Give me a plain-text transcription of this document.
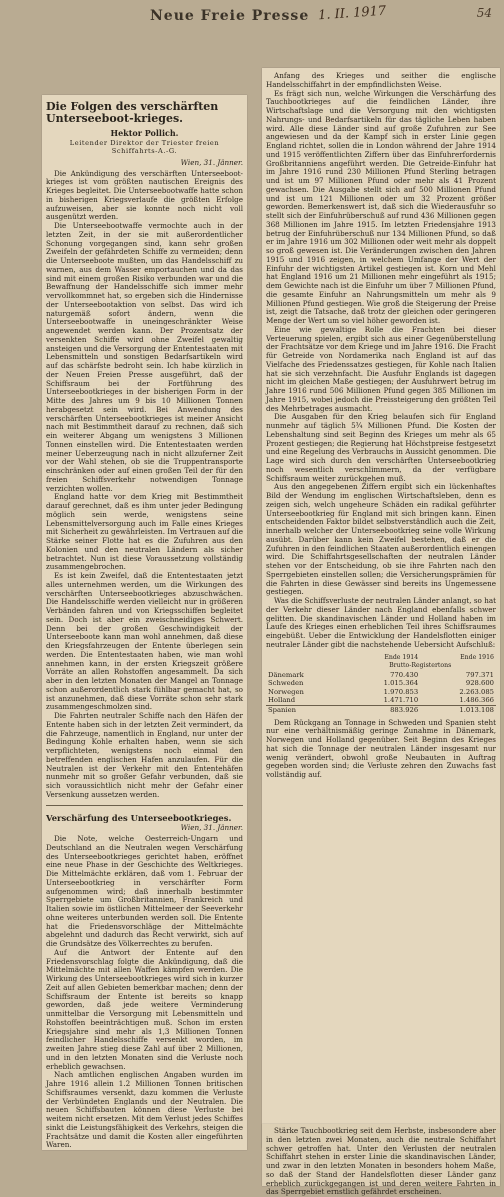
Neue Freie Presse 1. II. 1917	54
Die Folgen des verschärften Unterseeboot-krieges.
Hektor Pollich.
Leitender Direktor der Triester freien Schiffahrts-A.-G.
Wien, 31. Jänner.

Die Ankündigung des verschärften Unterseeboot-krieges ist vom größten nautischen Ereignis des Krieges begleitet. Die Unterseebootwaffe hatte schon in bisherigen Kriegsverlaufe die größten Erfolge aufzuweisen, aber sie konnte noch nicht voll ausgenützt werden.

Die Unterseebootwaffe vermochte auch in der letzten Zeit, in der sie mit außerordentlicher Schonung vorgegangen sind, kann sehr großen Zweifeln der gefährdeten Schiffe zu vermeiden; denn die Unterseeboote mußten, um das Handelsschiff zu warnen, aus dem Wasser emportauchen und da das sind mit einem großen Risiko verbunden war und die Bewaffnung der Handelsschiffe sich immer mehr vervollkommnet hat, so ergeben sich die Hindernisse der Unterseebootaktion von selbst. Das wird ich naturgemäß sofort ändern, wenn die Unterseebootwaffe in uneingeschränkter Weise angewendet werden kann. Der Prozentsatz der versenkten Schiffe wird ohne Zweifel gewaltig ansteigen und die Versorgung der Ententestaaten mit Lebensmitteln und sonstigen Bedarfsartikeln wird auf das schärfste bedroht sein. Ich habe kürzlich in der Neuen Freien Presse ausgeführt, daß der Schiffsraum bei der Fortführung des Unterseebootkrieges in der bisherigen Form in der Mitte des Jahres um 9 bis 10 Millionen Tonnen herabgesetzt sein wird. Bei Anwendung des verschärften Unterseebootkrieges ist meiner Ansicht nach mit Bestimmtheit darauf zu rechnen, daß sich ein weiterer Abgang um wenigstens 3 Millionen Tonnen einstellen wird. Die Ententestaaten werden meiner Ueberzeugung nach in nicht allzuferner Zeit vor der Wahl stehen, ob sie die Truppentransporte einschränken oder auf einen großen Teil der für den freien Schiffsverkehr notwendigen Tonnage verzichten wollen.

England hatte vor dem Krieg mit Bestimmtheit darauf gerechnet, daß es ihm unter jeder Bedingung möglich sein werde, wenigstens seine Lebensmittelversorgung auch im Falle eines Krieges mit Sicherheit zu gewährleisten. Im Vertrauen auf die Stärke seiner Flotte hat es die Zufuhren aus den Kolonien und den neutralen Ländern als sicher betrachtet. Nun ist diese Voraussetzung vollständig zusammengebrochen.

Es ist kein Zweifel, daß die Ententestaaten jetzt alles unternehmen werden, um die Wirkungen des verschärften Unterseebootkrieges abzuschwächen. Die Handelsschiffe werden vielleicht nur in größeren Verbänden fahren und von Kriegsschiffen begleitet sein. Doch ist aber ein zweischneidiges Schwert. Denn bei der großen Geschwindigkeit der Unterseeboote kann man wohl annehmen, daß diese den Kriegsfahrzeugen der Entente überlegen sein werden. Die Ententestaaten haben, wie man wohl annehmen kann, in der ersten Kriegszeit größere Vorräte an allen Rohstoffen angesammelt. Da sich aber in den letzten Monaten der Mangel an Tonnage schon außerordentlich stark fühlbar gemacht hat, so ist anzunehmen, daß diese Vorräte schon sehr stark zusammengeschmolzen sind.

Die Fahrten neutraler Schiffe nach den Häfen der Entente haben sich in der letzten Zeit vermindert, da die Fahrzeuge, namentlich in England, nur unter der Bedingung Kohle erhalten haben, wenn sie sich verpflichteten, wenigstens noch einmal den betreffenden englischen Hafen anzulaufen. Für die Neutralen ist der Verkehr mit den Ententehäfen nunmehr mit so großer Gefahr verbunden, daß sie sich voraussichtlich nicht mehr der Gefahr einer Versenkung aussetzen werden.

Verschärfung des Unterseebootkrieges.
Wien, 31. Jänner.

Die Note, welche Oesterreich-Ungarn und Deutschland an die Neutralen wegen Verschärfung des Unterseebootkrieges gerichtet haben, eröffnet eine neue Phase in der Geschichte des Weltkrieges. Die Mittelmächte erklären, daß vom 1. Februar der Unterseebootkrieg in verschärfter Form aufgenommen wird; daß innerhalb bestimmter Sperrgebiete um Großbritannien, Frankreich und Italien sowie im östlichen Mittelmeer der Seeverkehr ohne weiteres unterbunden werden soll. Die Entente hat die Friedensvorschläge der Mittelmächte abgelehnt und dadurch das Recht verwirkt, sich auf die Grundsätze des Völkerrechtes zu berufen.

Auf die Antwort der Entente auf den Friedensvorschlag folgte die Ankündigung, daß die Mittelmächte mit allen Waffen kämpfen werden. Die Wirkung des Unterseebootkrieges wird sich in kurzer Zeit auf allen Gebieten bemerkbar machen; denn der Schiffsraum der Entente ist bereits so knapp geworden, daß jede weitere Verminderung unmittelbar die Versorgung mit Lebensmitteln und Rohstoffen beeinträchtigen muß. Schon im ersten Kriegsjahre sind mehr als 1,3 Millionen Tonnen feindlicher Handelsschiffe versenkt worden, im zweiten Jahre stieg diese Zahl auf über 2 Millionen, und in den letzten Monaten sind die Verluste noch erheblich gewachsen.

Nach amtlichen englischen Angaben wurden im Jahre 1916 allein 1.2 Millionen Tonnen britischen Schiffsraumes versenkt, dazu kommen die Verluste der Verbündeten Englands und der Neutralen. Die neuen Schiffsbauten können diese Verluste bei weitem nicht ersetzen. Mit dem Verlust jedes Schiffes sinkt die Leistungsfähigkeit des Verkehrs, steigen die Frachtsätze und damit die Kosten aller eingeführten Waren.

Anfang des Krieges und seither die englische Handelsschiffahrt in der empfindlichsten Weise.

Es frägt sich nun, welche Wirkungen die Verschärfung des Tauchbootkrieges auf die feindlichen Länder, ihre Wirtschaftslage und die Versorgung mit den wichtigsten Nahrungs- und Bedarfsartikeln für das tägliche Leben haben wird. Alle diese Länder sind auf große Zufuhren zur See angewiesen und da der Kampf sich in erster Linie gegen England richtet, sollen die in London während der Jahre 1914 und 1915 veröffentlichten Ziffern über das Einfuhrerfordernis Großbritanniens angeführt werden. Die Getreide-Einfuhr hat im Jahre 1916 rund 230 Millionen Pfund Sterling betragen und ist um 97 Millionen Pfund oder mehr als 41 Prozent gewachsen. Die Ausgabe stellt sich auf 500 Millionen Pfund und ist um 121 Millionen oder um 32 Prozent größer geworden. Bemerkenswert ist, daß sich die Wiederausfuhr so stellt sich der Einfuhrüberschuß auf rund 436 Millionen gegen 368 Millionen im Jahre 1915. Im letzten Friedensjahre 1913 betrug der Einfuhrüberschuß nur 134 Millionen Pfund, so daß er im Jahre 1916 um 302 Millionen oder weit mehr als doppelt so groß gewesen ist. Die Veränderungen zwischen den Jahren 1915 und 1916 zeigen, in welchem Umfange der Wert der Einfuhr der wichtigsten Artikel gestiegen ist. Korn und Mehl hat England 1916 um 21 Millionen mehr eingeführt als 1915; dem Gewichte nach ist die Einfuhr um über 7 Millionen Pfund, die gesamte Einfuhr an Nahrungsmitteln um mehr als 9 Millionen Pfund gestiegen. Wie groß die Steigerung der Preise ist, zeigt die Tatsache, daß trotz der gleichen oder geringeren Menge der Wert um so viel höher geworden ist.

Eine wie gewaltige Rolle die Frachten bei dieser Verteuerung spielen, ergibt sich aus einer Gegenüberstellung der Frachtsätze vor dem Kriege und im Jahre 1916. Die Fracht für Getreide von Nordamerika nach England ist auf das Vielfache des Friedenssatzes gestiegen, für Kohle nach Italien hat sie sich verzehnfacht. Die Ausfuhr Englands ist dagegen nicht im gleichen Maße gestiegen; der Ausfuhrwert betrug im Jahre 1916 rund 506 Millionen Pfund gegen 385 Millionen im Jahre 1915, wobei jedoch die Preissteigerung den größten Teil des Mehrbetrages ausmacht.

Die Ausgaben für den Krieg belaufen sich für England nunmehr auf täglich 5¾ Millionen Pfund. Die Kosten der Lebenshaltung sind seit Beginn des Krieges um mehr als 65 Prozent gestiegen; die Regierung hat Höchstpreise festgesetzt und eine Regelung des Verbrauchs in Aussicht genommen. Die Lage wird sich durch den verschärften Unterseebootkrieg noch wesentlich verschlimmern, da der verfügbare Schiffsraum weiter zurückgehen muß.

Aus den angegebenen Ziffern ergibt sich ein lückenhaftes Bild der Wendung im englischen Wirtschaftsleben, denn es zeigen sich, welch ungeheure Schäden ein radikal geführter Unterseebootkrieg für England mit sich bringen kann. Einen entscheidenden Faktor bildet selbstverständlich auch die Zeit, innerhalb welcher der Unterseebootkrieg seine volle Wirkung ausübt. Darüber kann kein Zweifel bestehen, daß er die Zufuhren in den feindlichen Staaten außerordentlich einengen wird. Die Schiffahrtsgesellschaften der neutralen Länder stehen vor der Entscheidung, ob sie ihre Fahrten nach den Sperrgebieten einstellen sollen; die Versicherungsprämien für die Fahrten in diese Gewässer sind bereits ins Ungemessene gestiegen.

Was die Schiffsverluste der neutralen Länder anlangt, so hat der Verkehr dieser Länder nach England ebenfalls schwer gelitten. Die skandinavischen Länder und Holland haben im Laufe des Krieges einen erheblichen Teil ihres Schiffsraumes eingebüßt. Ueber die Entwicklung der Handelsflotten einiger neutraler Länder gibt die nachstehende Uebersicht Aufschluß:

	Ende 1914	Ende 1916
	Brutto-Registertons	
Dänemark	770.430	797.371
Schweden	1.015.364	928.600
Norwegen	1.970.853	2.263.085
Holland	1.471.710	1.486.366
Spanien	883.926	1.013.108

Dem Rückgang an Tonnage in Schweden und Spanien steht nur eine verhältnismäßig geringe Zunahme in Dänemark, Norwegen und Holland gegenüber. Seit Beginn des Krieges hat sich die Tonnage der neutralen Länder insgesamt nur wenig verändert, obwohl große Neubauten in Auftrag gegeben worden sind; die Verluste zehren den Zuwachs fast vollständig auf.

Stärke Tauchbootkrieg seit dem Herbste, insbesondere aber in den letzten zwei Monaten, auch die neutrale Schiffahrt schwer getroffen hat. Unter den Verlusten der neutralen Schiffahrt stehen in erster Linie die skandinavischen Länder, und zwar in den letzten Monaten in besonders hohem Maße, so daß der Stand der Handelsflotten dieser Länder ganz erheblich zurückgegangen ist und deren weitere Fahrten in das Sperrgebiet ernstlich gefährdet erscheinen.
